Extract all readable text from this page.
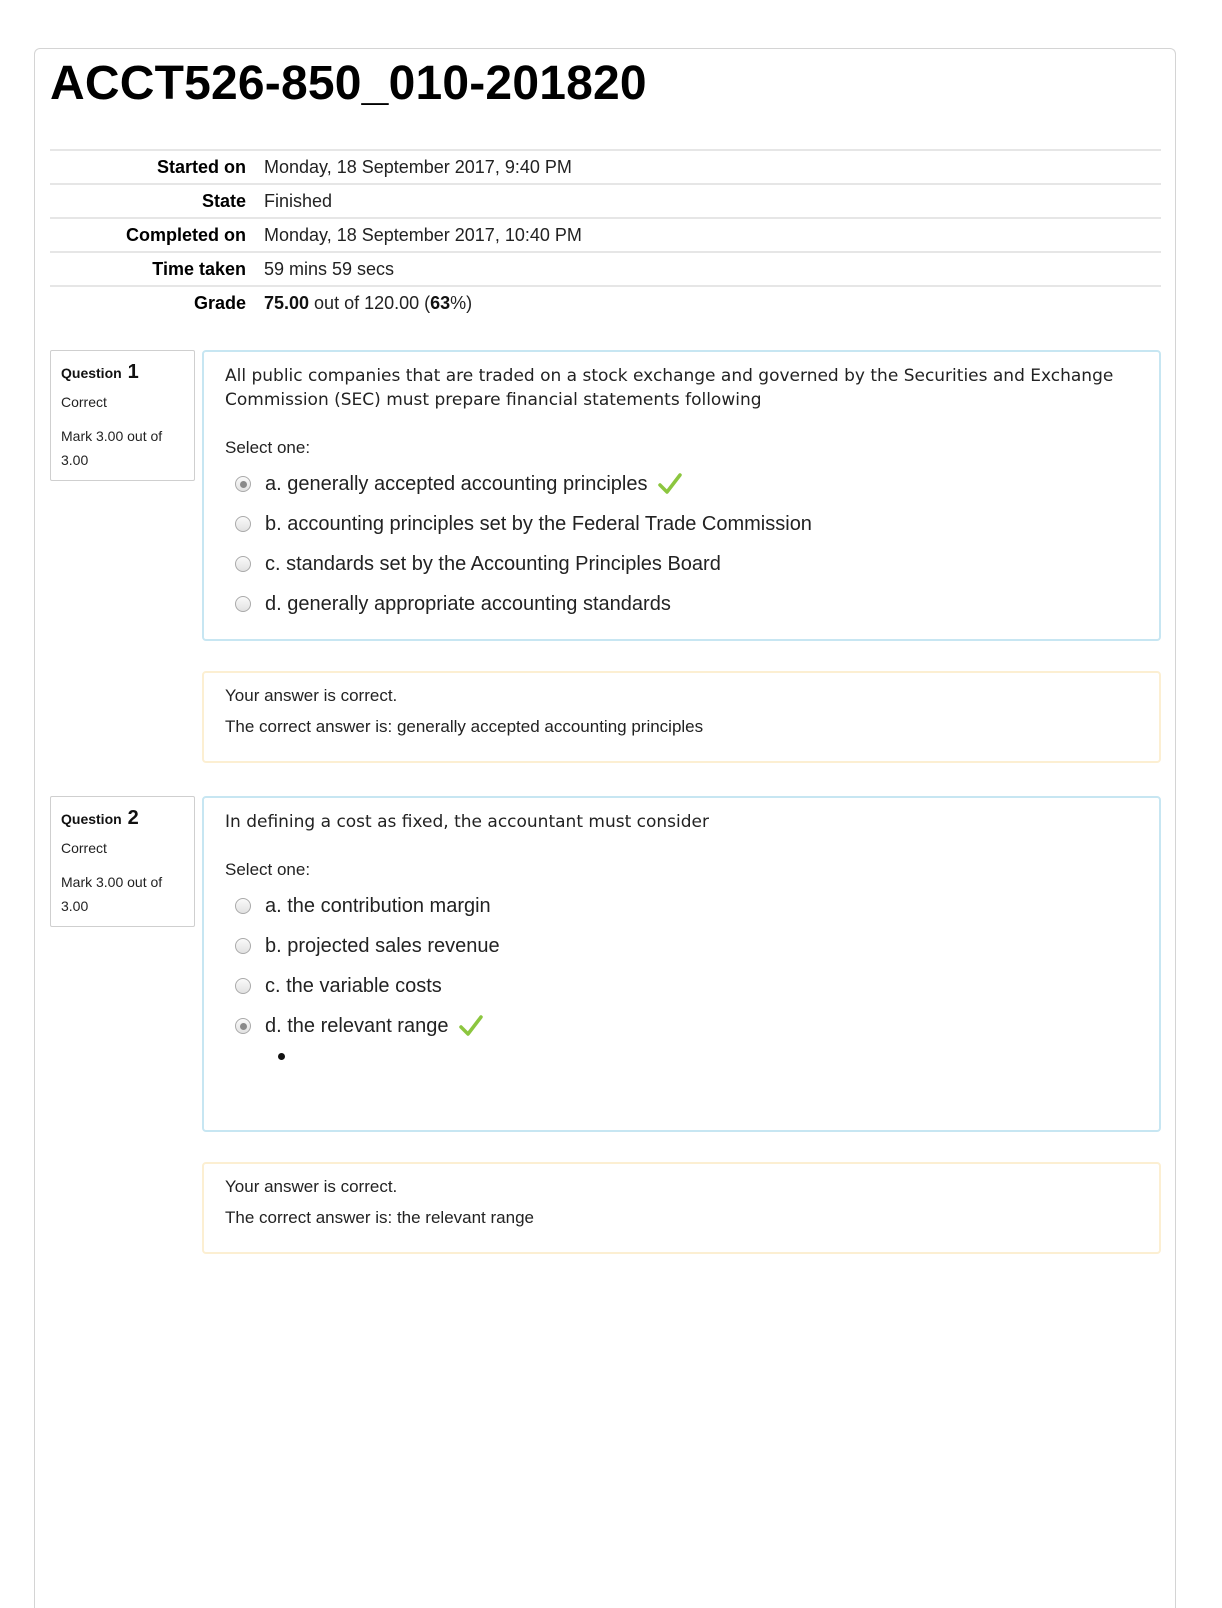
ACCT526-850_010-201820
Started on	Monday, 18 September 2017, 9:40 PM
State	Finished
Completed on	Monday, 18 September 2017, 10:40 PM
Time taken	59 mins 59 secs
Grade	75.00 out of 120.00 (63%)
Question 1
Correct
Mark 3.00 out of 3.00
All public companies that are traded on a stock exchange and governed by the Securities and Exchange Commission (SEC) must prepare financial statements following
Select one:
a. generally accepted accounting principles
b. accounting principles set by the Federal Trade Commission
c. standards set by the Accounting Principles Board
d. generally appropriate accounting standards
Your answer is correct.
The correct answer is: generally accepted accounting principles
Question 2
Correct
Mark 3.00 out of 3.00
In defining a cost as fixed, the accountant must consider
Select one:
a. the contribution margin
b. projected sales revenue
c. the variable costs
d. the relevant range
Your answer is correct.
The correct answer is: the relevant range
